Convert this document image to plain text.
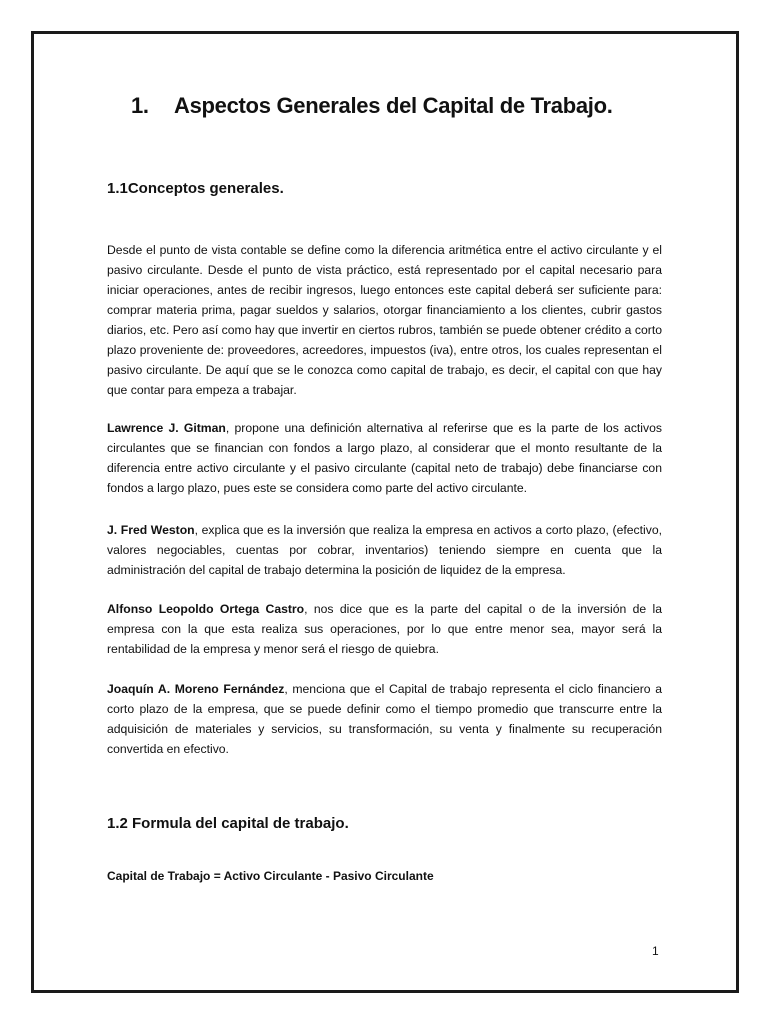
1. Aspectos Generales del Capital de Trabajo.
1.1Conceptos generales.

Desde el punto de vista contable se define como la diferencia aritmética entre el activo circulante y el pasivo circulante. Desde el punto de vista práctico, está representado por el capital necesario para iniciar operaciones, antes de recibir ingresos, luego entonces este capital deberá ser suficiente para: comprar materia prima, pagar sueldos y salarios, otorgar financiamiento a los clientes, cubrir gastos diarios, etc. Pero así como hay que invertir en ciertos rubros, también se puede obtener crédito a corto plazo proveniente de: proveedores, acreedores, impuestos (iva), entre otros, los cuales representan el pasivo circulante. De aquí que se le conozca como capital de trabajo, es decir, el capital con que hay que contar para empeza a trabajar.

Lawrence J. Gitman, propone una definición alternativa al referirse que es la parte de los activos circulantes que se financian con fondos a largo plazo, al considerar que el monto resultante de la diferencia entre activo circulante y el pasivo circulante (capital neto de trabajo) debe financiarse con fondos a largo plazo, pues este se considera como parte del activo circulante.

J. Fred Weston, explica que es la inversión que realiza la empresa en activos a corto plazo, (efectivo, valores negociables, cuentas por cobrar, inventarios) teniendo siempre en cuenta que la administración del capital de trabajo determina la posición de liquidez de la empresa.

Alfonso Leopoldo Ortega Castro, nos dice que es la parte del capital o de la inversión de la empresa con la que esta realiza sus operaciones, por lo que entre menor sea, mayor será la rentabilidad de la empresa y menor será el riesgo de quiebra.

Joaquín A. Moreno Fernández, menciona que el Capital de trabajo representa el ciclo financiero a corto plazo de la empresa, que se puede definir como el tiempo promedio que transcurre entre la adquisición de materiales y servicios, su transformación, su venta y finalmente su recuperación convertida en efectivo.

1.2 Formula del capital de trabajo.
Capital de Trabajo = Activo Circulante - Pasivo Circulante
1
